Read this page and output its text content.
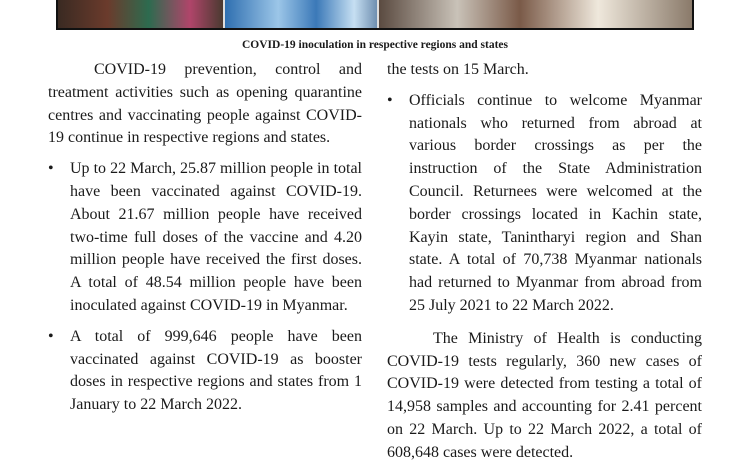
COVID-19 inoculation in respective regions and states

COVID-19 prevention, control and treatment activities such as opening quarantine centres and vaccinating people against COVID-19 continue in respective regions and states.

• Up to 22 March, 25.87 million people in total have been vaccinated against COVID-19. About 21.67 million people have received two-time full doses of the vaccine and 4.20 million people have received the first doses. A total of 48.54 million people have been inoculated against COVID-19 in Myanmar.

• A total of 999,646 people have been vaccinated against COVID-19 as booster doses in respective regions and states from 1 January to 22 March 2022.

the tests on 15 March.

• Officials continue to welcome Myanmar nationals who returned from abroad at various border crossings as per the instruction of the State Administration Council. Returnees were welcomed at the border crossings located in Kachin state, Kayin state, Tanintharyi region and Shan state. A total of 70,738 Myanmar nationals had returned to Myanmar from abroad from 25 July 2021 to 22 March 2022.

The Ministry of Health is conducting COVID-19 tests regularly, 360 new cases of COVID-19 were detected from testing a total of 14,958 samples and accounting for 2.41 percent on 22 March. Up to 22 March 2022, a total of 608,648 cases were detected.
